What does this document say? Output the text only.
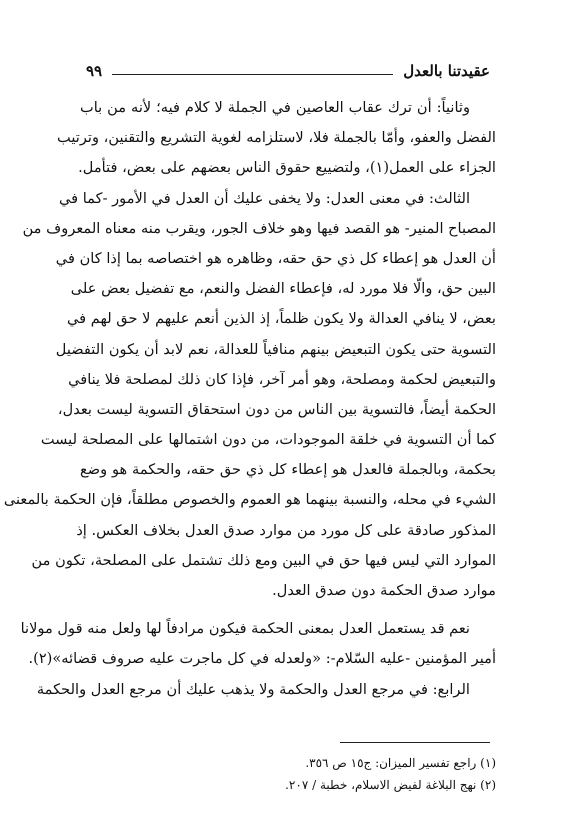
عقيدتنا بالعدل
٩٩
وثانياً: أن ترك عقاب العاصين في الجملة لا كلام فيه؛ لأنه من باب
الفضل والعفو، وأمّا بالجملة فلا، لاستلزامه لغوية التشريع والتقنين، وترتيب
الجزاء على العمل(١)، ولتضييع حقوق الناس بعضهم على بعض، فتأمل.
الثالث: في معنى العدل: ولا يخفى عليك أن العدل في الأمور -كما في
المصباح المنير- هو القصد فيها وهو خلاف الجور، ويقرب منه معناه المعروف من
أن العدل هو إعطاء كل ذي حق حقه، وظاهره هو اختصاصه بما إذا كان في
البين حق، والّا فلا مورد له، فإعطاء الفضل والنعم، مع تفضيل بعض على
بعض، لا ينافي العدالة ولا يكون ظلماً، إذ الذين أنعم عليهم لا حق لهم في
التسوية حتى يكون التبعيض بينهم منافياً للعدالة، نعم لابد أن يكون التفضيل
والتبعيض لحكمة ومصلحة، وهو أمر آخر، فإذا كان ذلك لمصلحة فلا ينافي
الحكمة أيضاً، فالتسوية بين الناس من دون استحقاق التسوية ليست بعدل،
كما أن التسوية في خلقة الموجودات، من دون اشتمالها على المصلحة ليست
بحكمة، وبالجملة فالعدل هو إعطاء كل ذي حق حقه، والحكمة هو وضع
الشيء في محله، والنسبة بينهما هو العموم والخصوص مطلقاً، فإن الحكمة بالمعنى
المذكور صادقة على كل مورد من موارد صدق العدل بخلاف العكس. إذ
الموارد التي ليس فيها حق في البين ومع ذلك تشتمل على المصلحة، تكون من
موارد صدق الحكمة دون صدق العدل.
نعم قد يستعمل العدل بمعنى الحكمة فيكون مرادفاً لها ولعل منه قول مولانا
أمير المؤمنين -عليه السّلام-: «ولعدله في كل ماجرت عليه صروف قضائه»(٢).
الرابع: في مرجع العدل والحكمة ولا يذهب عليك أن مرجع العدل والحكمة
(١) راجع تفسير الميزان: ج١٥ ص ٣٥٦.
(٢) نهج البلاغة لفيض الاسلام، خطبة / ٢٠٧.
